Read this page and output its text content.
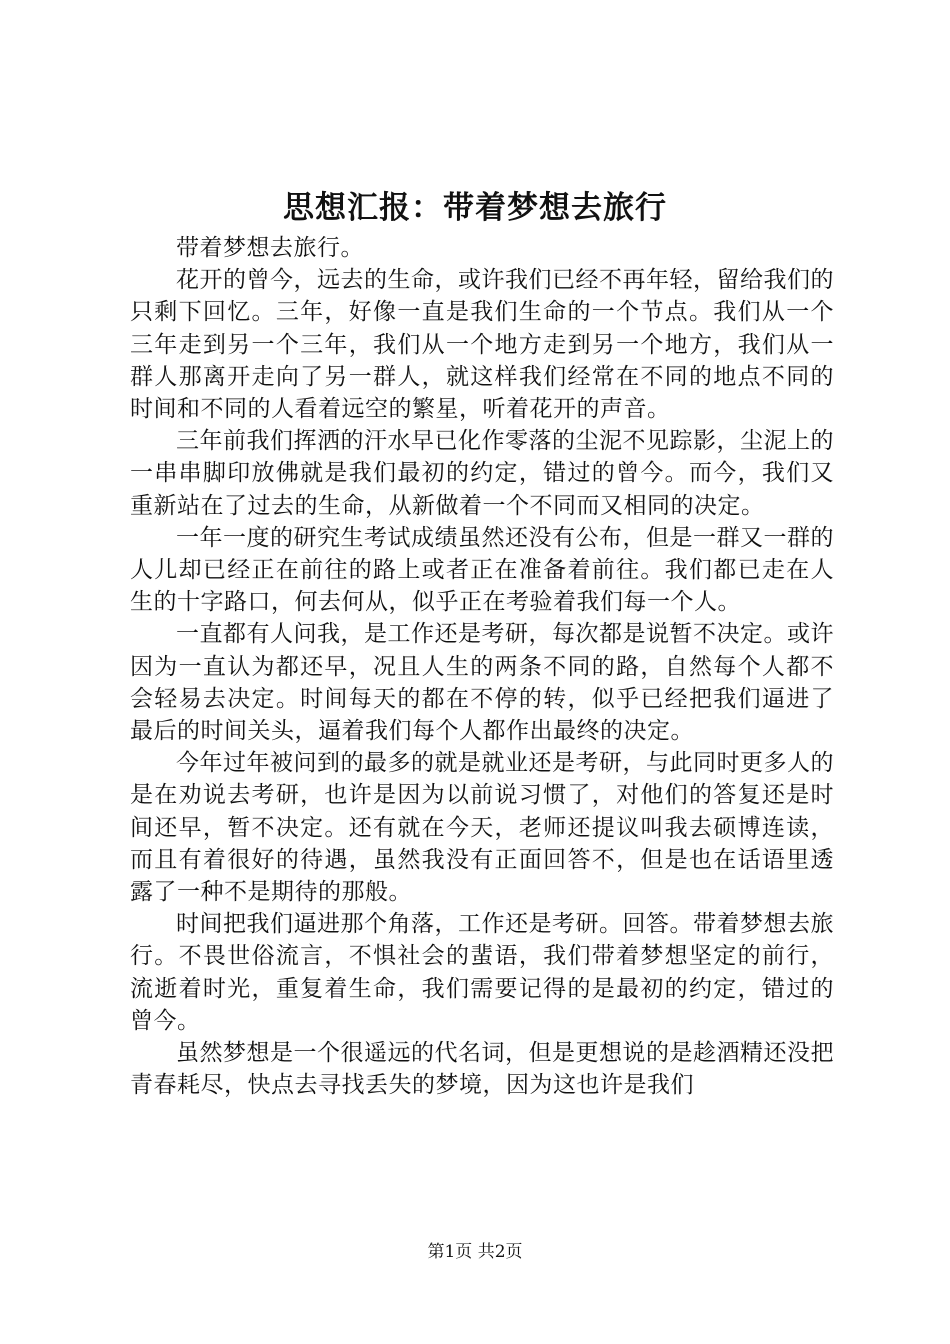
思想汇报：带着梦想去旅行

带着梦想去旅行。

花开的曾今，远去的生命，或许我们已经不再年轻，留给我们的只剩下回忆。三年，好像一直是我们生命的一个节点。我们从一个三年走到另一个三年，我们从一个地方走到另一个地方，我们从一群人那离开走向了另一群人，就这样我们经常在不同的地点不同的时间和不同的人看着远空的繁星，听着花开的声音。

三年前我们挥洒的汗水早已化作零落的尘泥不见踪影，尘泥上的一串串脚印放佛就是我们最初的约定，错过的曾今。而今，我们又重新站在了过去的生命，从新做着一个不同而又相同的决定。

一年一度的研究生考试成绩虽然还没有公布，但是一群又一群的人儿却已经正在前往的路上或者正在准备着前往。我们都已走在人生的十字路口，何去何从，似乎正在考验着我们每一个人。

一直都有人问我，是工作还是考研，每次都是说暂不决定。或许因为一直认为都还早，况且人生的两条不同的路，自然每个人都不会轻易去决定。时间每天的都在不停的转，似乎已经把我们逼进了最后的时间关头，逼着我们每个人都作出最终的决定。

今年过年被问到的最多的就是就业还是考研，与此同时更多人的是在劝说去考研，也许是因为以前说习惯了，对他们的答复还是时间还早，暂不决定。还有就在今天，老师还提议叫我去硕博连读，而且有着很好的待遇，虽然我没有正面回答不，但是也在话语里透露了一种不是期待的那般。

时间把我们逼进那个角落，工作还是考研。回答。带着梦想去旅行。不畏世俗流言，不惧社会的蜚语，我们带着梦想坚定的前行，流逝着时光，重复着生命，我们需要记得的是最初的约定，错过的曾今。

虽然梦想是一个很遥远的代名词，但是更想说的是趁酒精还没把青春耗尽，快点去寻找丢失的梦境，因为这也许是我们

第1页 共2页
